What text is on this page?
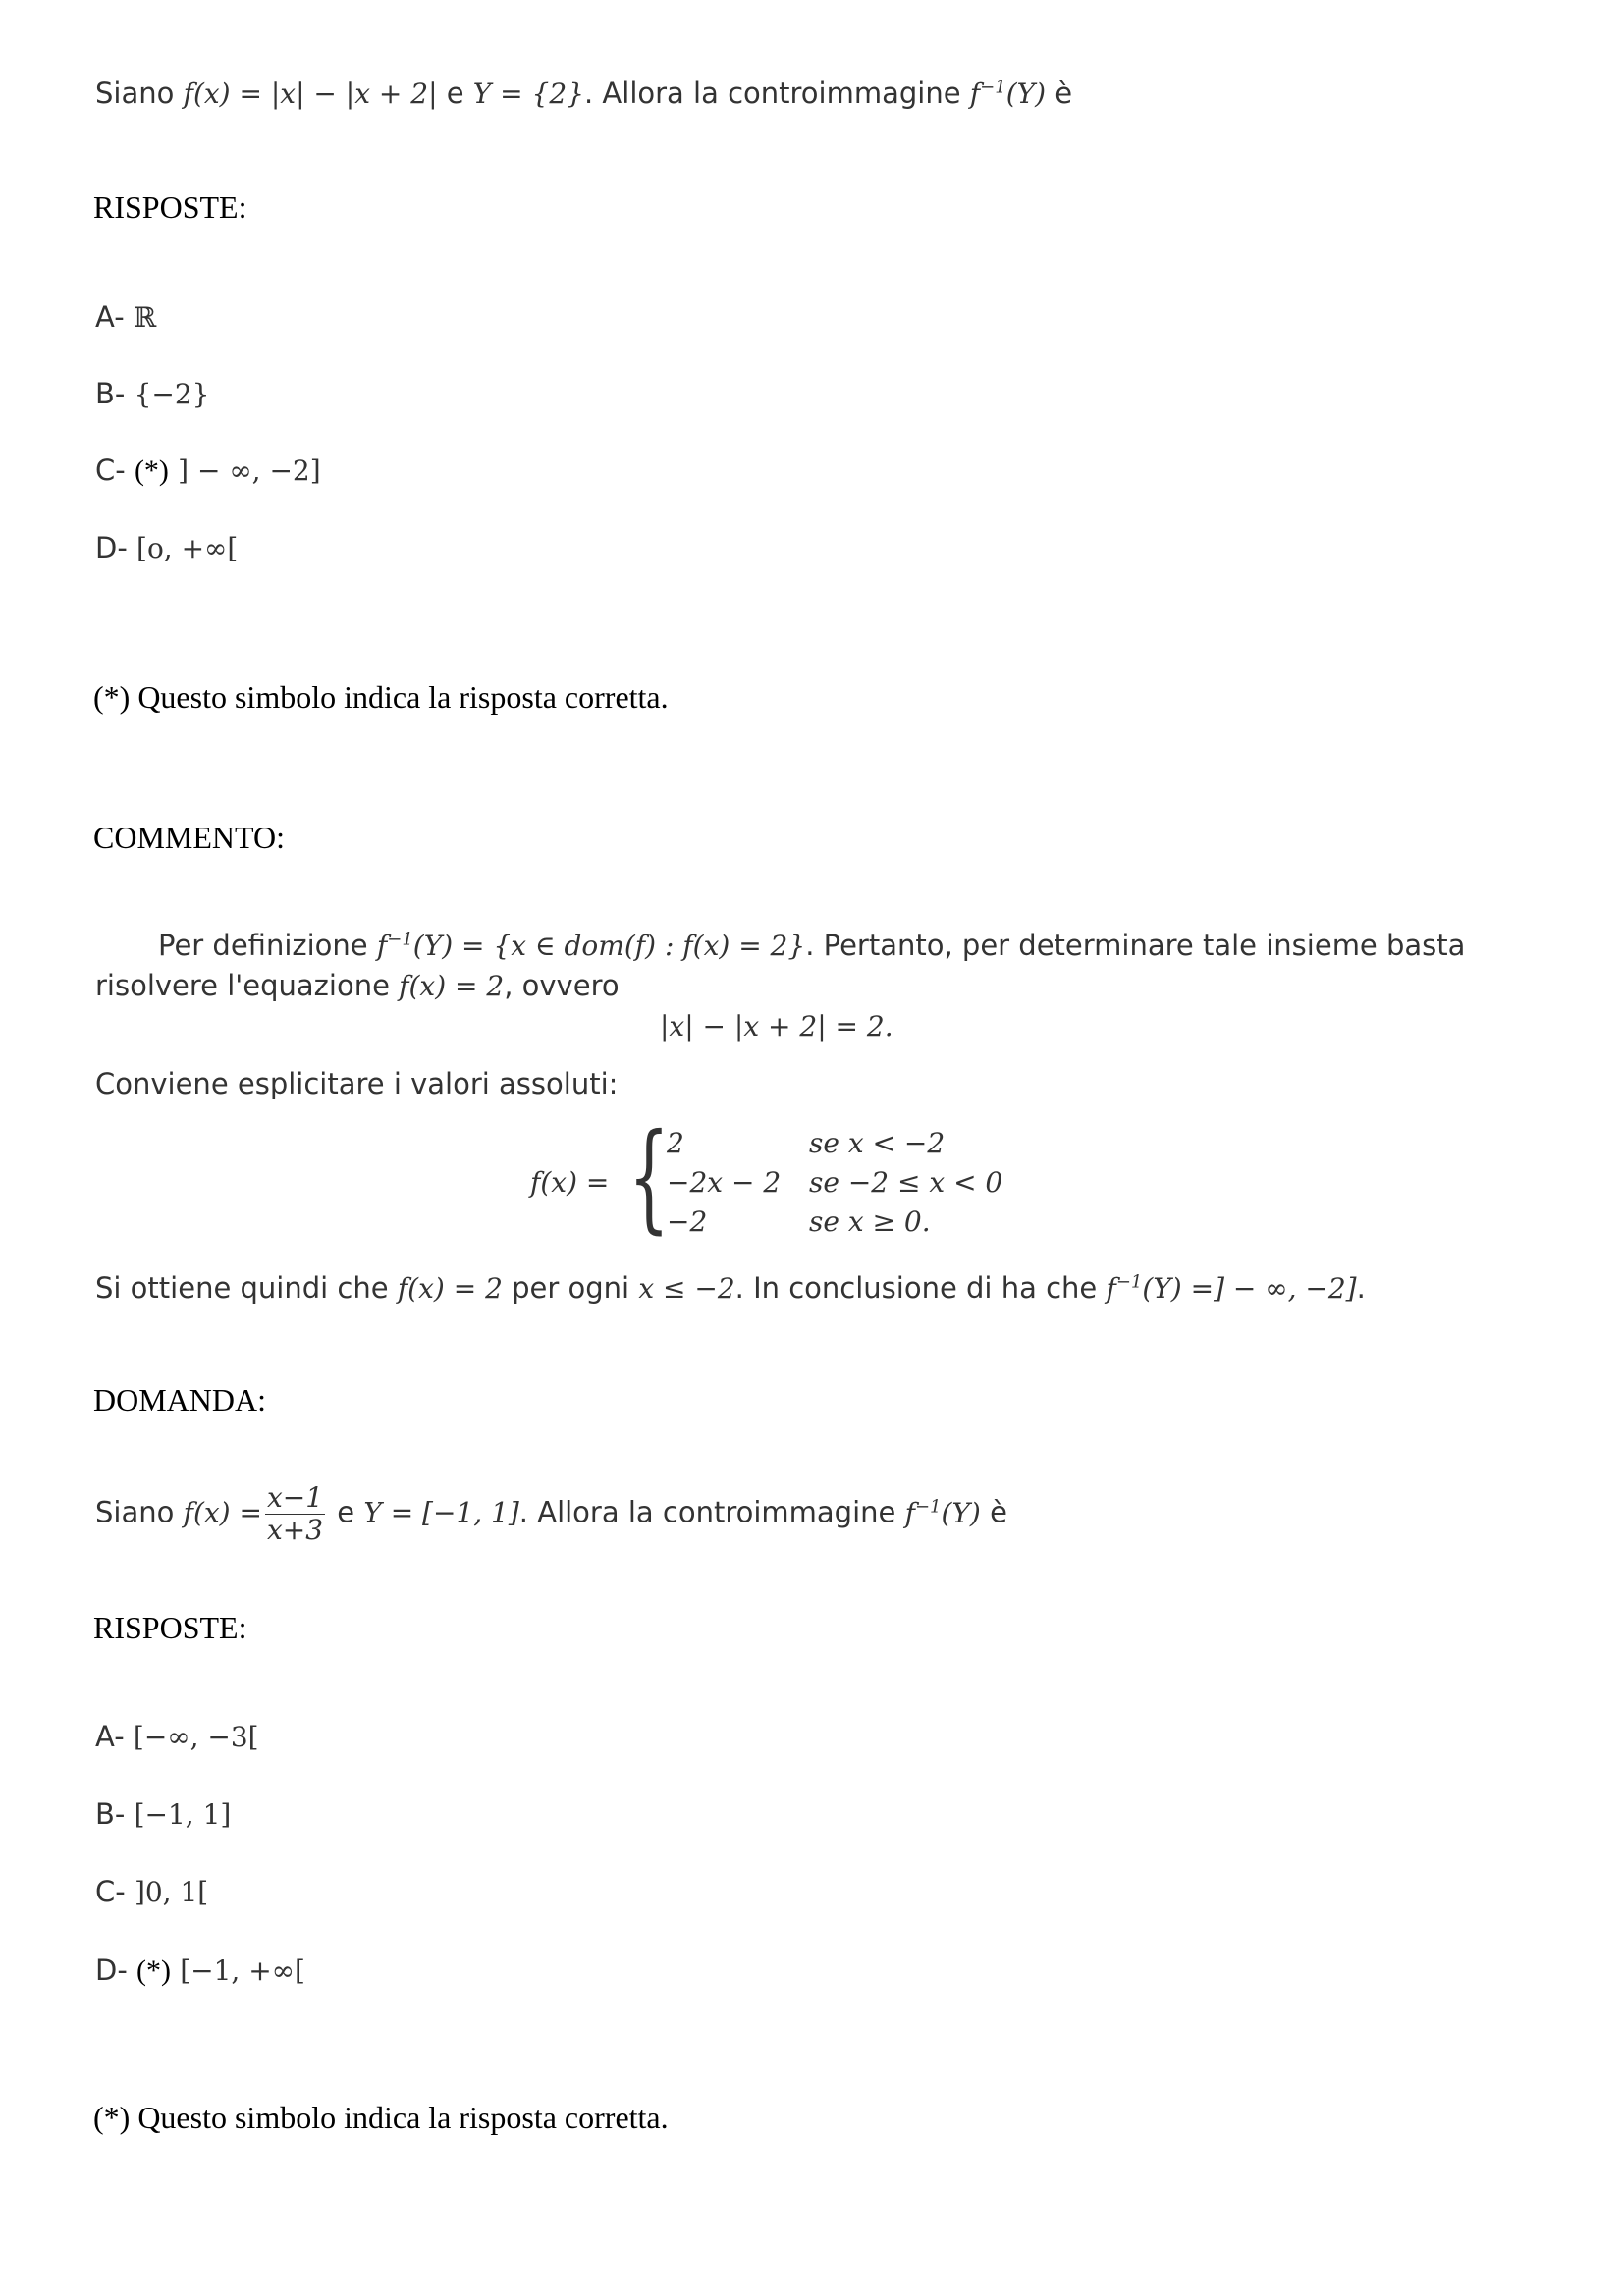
Siano f(x) = |x| − |x + 2| e Y = {2}. Allora la controimmagine $f^{-1}(Y)$ è
RISPOSTE:
A- ℝ
B- {−2}
C- (*) ] − ∞, −2]
D- [o, +∞[
(*) Questo simbolo indica la risposta corretta.
COMMENTO:
Per definizione $f^{-1}(Y) = \{x$ ∈ dom(f) : f(x) = 2}. Pertanto, per determinare tale insieme basta
risolvere l'equazione f(x) = 2, ovvero
|x| − |x + 2| = 2.
Conviene esplicitare i valori assoluti:
f(x) = {
2
−2x − 2
−2
se x < −2
se −2 ≤ x < 0
se x ≥ 0.
Si ottiene quindi che f(x) = 2 per ogni x ≤ −2. In conclusione di ha che $f^{-1}(Y)$ =] − ∞, −2].
DOMANDA:
Siano $f(x) = \frac{x-1}{x+3}$ e Y = [−1, 1]. Allora la controimmagine $f^{-1}(Y)$ è
RISPOSTE:
A- [−∞, −3[
B- [−1, 1]
C- ]0, 1[
D- (*) [−1, +∞[
(*) Questo simbolo indica la risposta corretta.
